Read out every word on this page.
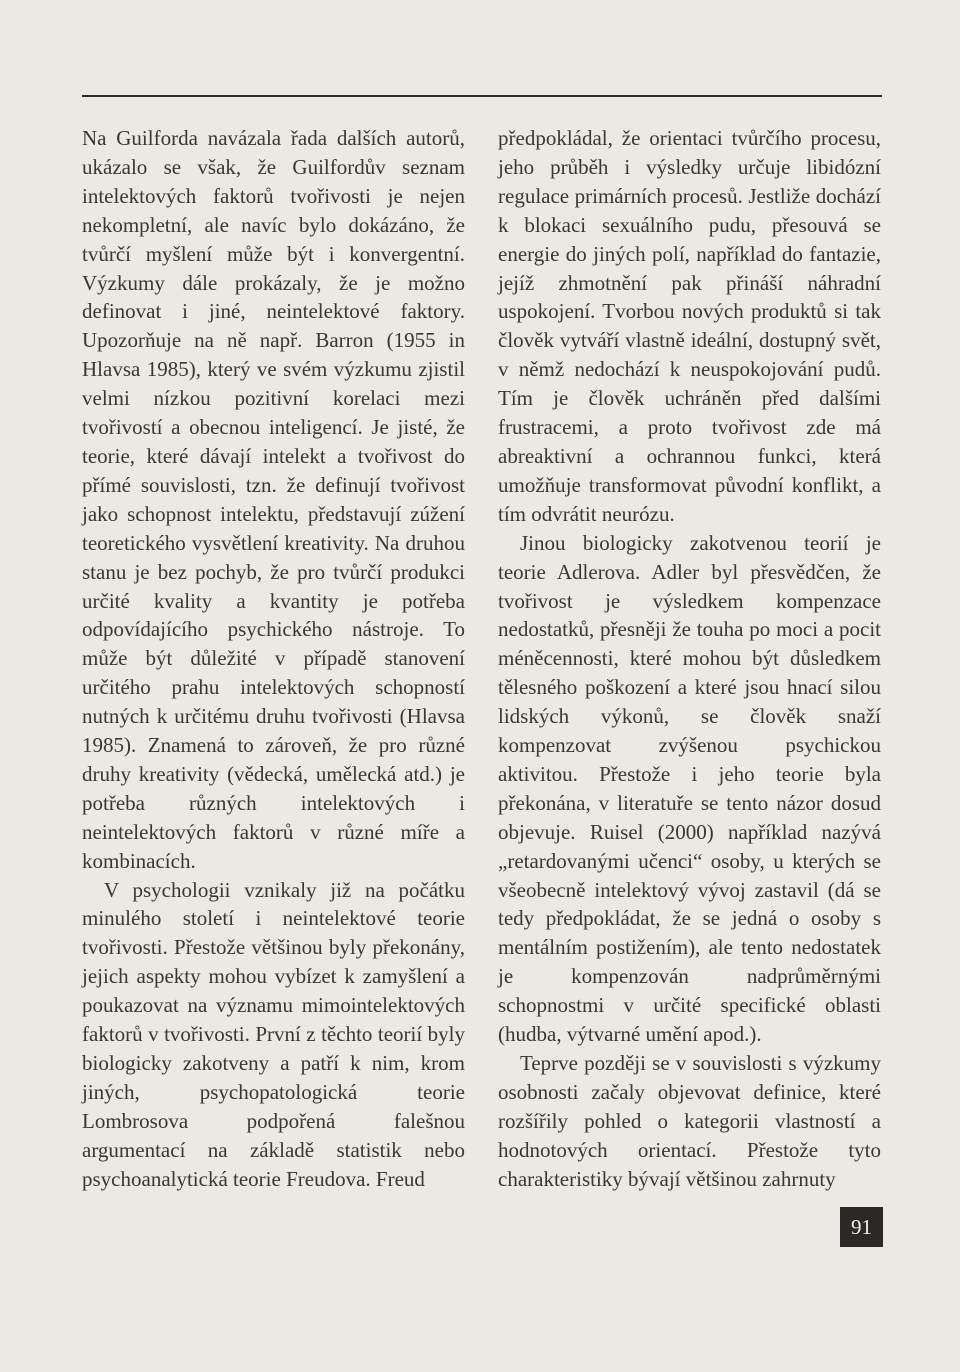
Na Guilforda navázala řada dalších autorů, ukázalo se však, že Guilfordův seznam intelektových faktorů tvořivosti je nejen nekompletní, ale navíc bylo dokázáno, že tvůrčí myšlení může být i konvergentní. Výzkumy dále prokázaly, že je možno definovat i jiné, neintelektové faktory. Upozorňuje na ně např. Barron (1955 in Hlavsa 1985), který ve svém výzkumu zjistil velmi nízkou pozitivní korelaci mezi tvořivostí a obecnou inteligencí. Je jisté, že teorie, které dávají intelekt a tvořivost do přímé souvislosti, tzn. že definují tvořivost jako schopnost intelektu, představují zúžení teoretického vysvětlení kreativity. Na druhou stanu je bez pochyb, že pro tvůrčí produkci určité kvality a kvantity je potřeba odpovídajícího psychického nástroje. To může být důležité v případě stanovení určitého prahu intelektových schopností nutných k určitému druhu tvořivosti (Hlavsa 1985). Znamená to zároveň, že pro různé druhy kreativity (vědecká, umělecká atd.) je potřeba různých intelektových i neintelektových faktorů v různé míře a kombinacích.

V psychologii vznikaly již na počátku minulého století i neintelektové teorie tvořivosti. Přestože většinou byly překonány, jejich aspekty mohou vybízet k zamyšlení a poukazovat na významu mimointelektových faktorů v tvořivosti. První z těchto teorií byly biologicky zakotveny a patří k nim, krom jiných, psychopatologická teorie Lombrosova podpořená falešnou argumentací na základě statistik nebo psychoanalytická teorie Freudova. Freud

předpokládal, že orientaci tvůrčího procesu, jeho průběh i výsledky určuje libidózní regulace primárních procesů. Jestliže dochází k blokaci sexuálního pudu, přesouvá se energie do jiných polí, například do fantazie, jejíž zhmotnění pak přináší náhradní uspokojení. Tvorbou nových produktů si tak člověk vytváří vlastně ideální, dostupný svět, v němž nedochází k neuspokojování pudů. Tím je člověk uchráněn před dalšími frustracemi, a proto tvořivost zde má abreaktivní a ochrannou funkci, která umožňuje transformovat původní konflikt, a tím odvrátit neurózu.

Jinou biologicky zakotvenou teorií je teorie Adlerova. Adler byl přesvědčen, že tvořivost je výsledkem kompenzace nedostatků, přesněji že touha po moci a pocit méněcennosti, které mohou být důsledkem tělesného poškození a které jsou hnací silou lidských výkonů, se člověk snaží kompenzovat zvýšenou psychickou aktivitou. Přestože i jeho teorie byla překonána, v literatuře se tento názor dosud objevuje. Ruisel (2000) například nazývá „retardovanými učenci“ osoby, u kterých se všeobecně intelektový vývoj zastavil (dá se tedy předpokládat, že se jedná o osoby s mentálním postižením), ale tento nedostatek je kompenzován nadprůměrnými schopnostmi v určité specifické oblasti (hudba, výtvarné umění apod.).

Teprve později se v souvislosti s výzkumy osobnosti začaly objevovat definice, které rozšířily pohled o kategorii vlastností a hodnotových orientací. Přestože tyto charakteristiky bývají většinou zahrnuty

91
